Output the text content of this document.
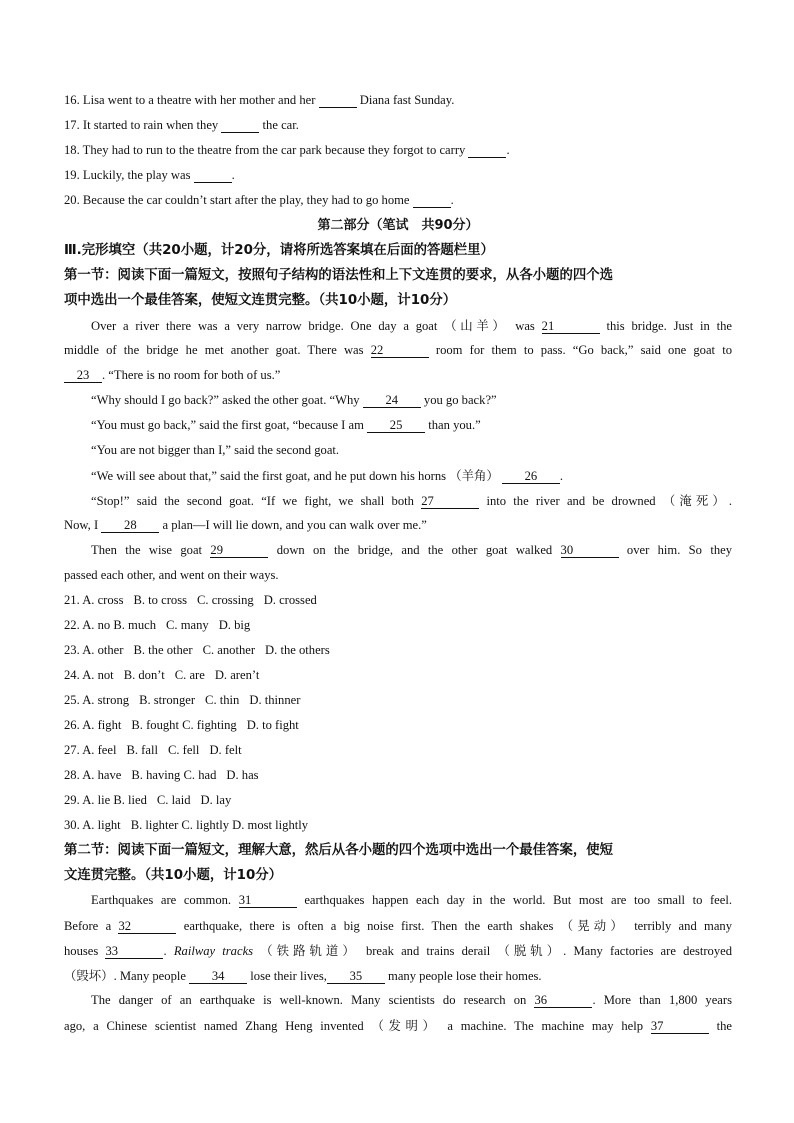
16. Lisa went to a theatre with her mother and her	Diana fast Sunday.
17. It started to rain when they	the car.
18. They had to run to the theatre from the car park because they forgot to carry	.
19. Luckily, the play was	.
20. Because the car couldn’t start after the play, they had to go home	.
第二部分（笔试　共90分）
Ⅲ.完形填空（共20小题，计20分，请将所选答案填在后面的答题栏里）
第一节：阅读下面一篇短文，按照句子结构的语法性和上下文连贯的要求，从各小题的四个选
项中选出一个最佳答案，使短文连贯完整。（共10小题，计10分）
Over a river there was a very narrow bridge. One day a goat （山羊） was 21	this bridge. Just in the
middle of the bridge he met another goat. There was 22	room for them to pass. “Go back,” said one goat to
23 . “There is no room for both of us.”
“Why should I go back?” asked the other goat. “Why 24 you go back?”
“You must go back,” said the first goat, “because I am 25 than you.”
“You are not bigger than I,” said the second goat.
“We will see about that,” said the first goat, and he put down his horns （羊角） 26 .
“Stop!” said the second goat. “If we fight, we shall both 27	into the river and be drowned （淹死）.
Now, I 28 a plan—I will lie down, and you can walk over me.”
Then the wise goat 29	down on the bridge, and the other goat walked 30	over him. So they
passed each other, and went on their ways.
21. A. cross B. to cross C. crossing D. crossed
22. A. no B. much C. many D. big
23. A. other B. the other C. another D. the others
24. A. not B. don’t C. are D. aren’t
25. A. strong B. stronger C. thin D. thinner
26. A. fight B. fought C. fighting D. to fight
27. A. feel B. fall C. fell D. felt
28. A. have B. having C. had D. has
29. A. lie B. lied C. laid D. lay
30. A. light B. lighter C. lightly D. most lightly
第二节：阅读下面一篇短文，理解大意，然后从各小题的四个选项中选出一个最佳答案，使短
文连贯完整。（共10小题，计10分）
Earthquakes are common. 31	earthquakes happen each day in the world. But most are too small to feel.
Before a 32	earthquake, there is often a big noise first. Then the earth shakes （晃动） terribly and many
houses 33	. Railway tracks （铁路轨道） break and trains derail （脱轨）. Many factories are destroyed
（毁坏）. Many people 34 lose their lives, 35 many people lose their homes.
The danger of an earthquake is well-known. Many scientists do research on 36	. More than 1,800 years
ago, a Chinese scientist named Zhang Heng invented （发明） a machine. The machine may help 37	the
